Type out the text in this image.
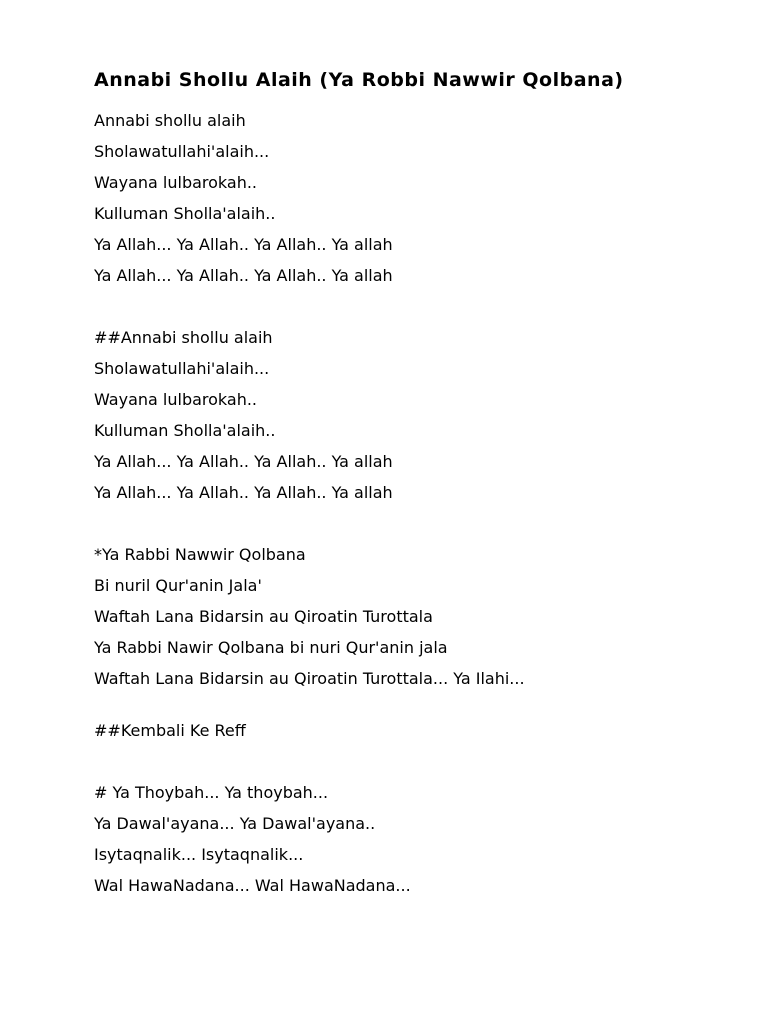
Annabi Shollu Alaih (Ya Robbi Nawwir Qolbana)
Annabi shollu alaih
Sholawatullahi'alaih...
Wayana lulbarokah..
Kulluman Sholla'alaih..
Ya Allah... Ya Allah.. Ya Allah.. Ya allah
Ya Allah... Ya Allah.. Ya Allah.. Ya allah
##Annabi shollu alaih
Sholawatullahi'alaih...
Wayana lulbarokah..
Kulluman Sholla'alaih..
Ya Allah... Ya Allah.. Ya Allah.. Ya allah
Ya Allah... Ya Allah.. Ya Allah.. Ya allah
*Ya Rabbi Nawwir Qolbana
Bi nuril Qur'anin Jala'
Waftah Lana Bidarsin au Qiroatin Turottala
Ya Rabbi Nawir Qolbana bi nuri Qur'anin jala
Waftah Lana Bidarsin au Qiroatin Turottala... Ya Ilahi...
##Kembali Ke Reff
# Ya Thoybah... Ya thoybah...
Ya Dawal'ayana... Ya Dawal'ayana..
Isytaqnalik... Isytaqnalik...
Wal HawaNadana... Wal HawaNadana...
